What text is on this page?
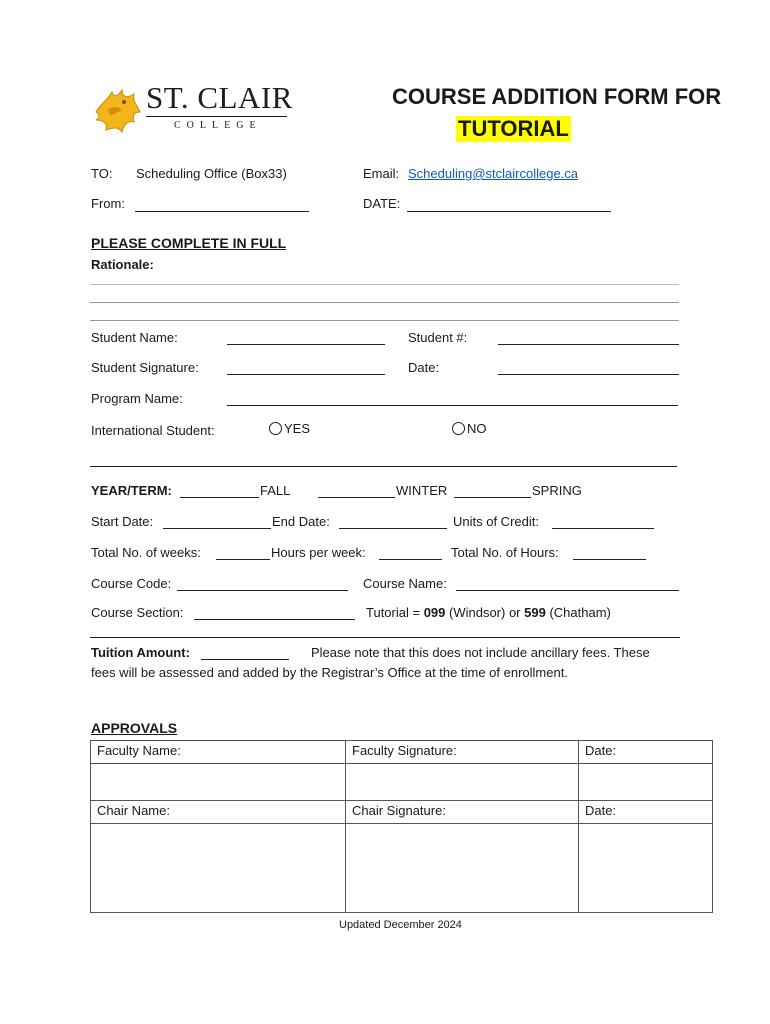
ST. CLAIR
COLLEGE
COURSE ADDITION FORM FOR
TUTORIAL
TO: Scheduling Office (Box33)	Email: Scheduling@stclaircollege.ca
From:	DATE:
PLEASE COMPLETE IN FULL
Rationale:
Student Name:	Student #:
Student Signature:	Date:
Program Name:
International Student:	YES	NO
YEAR/TERM:	FALL	WINTER	SPRING
Start Date:	End Date:	Units of Credit:
Total No. of weeks:	Hours per week:	Total No. of Hours:
Course Code:	Course Name:
Course Section:	Tutorial = 099 (Windsor) or 599 (Chatham)
Tuition Amount:	Please note that this does not include ancillary fees. These
fees will be assessed and added by the Registrar’s Office at the time of enrollment.
APPROVALS
Faculty Name:	Faculty Signature:	Date:

Chair Name:	Chair Signature:	Date:

Updated December 2024
